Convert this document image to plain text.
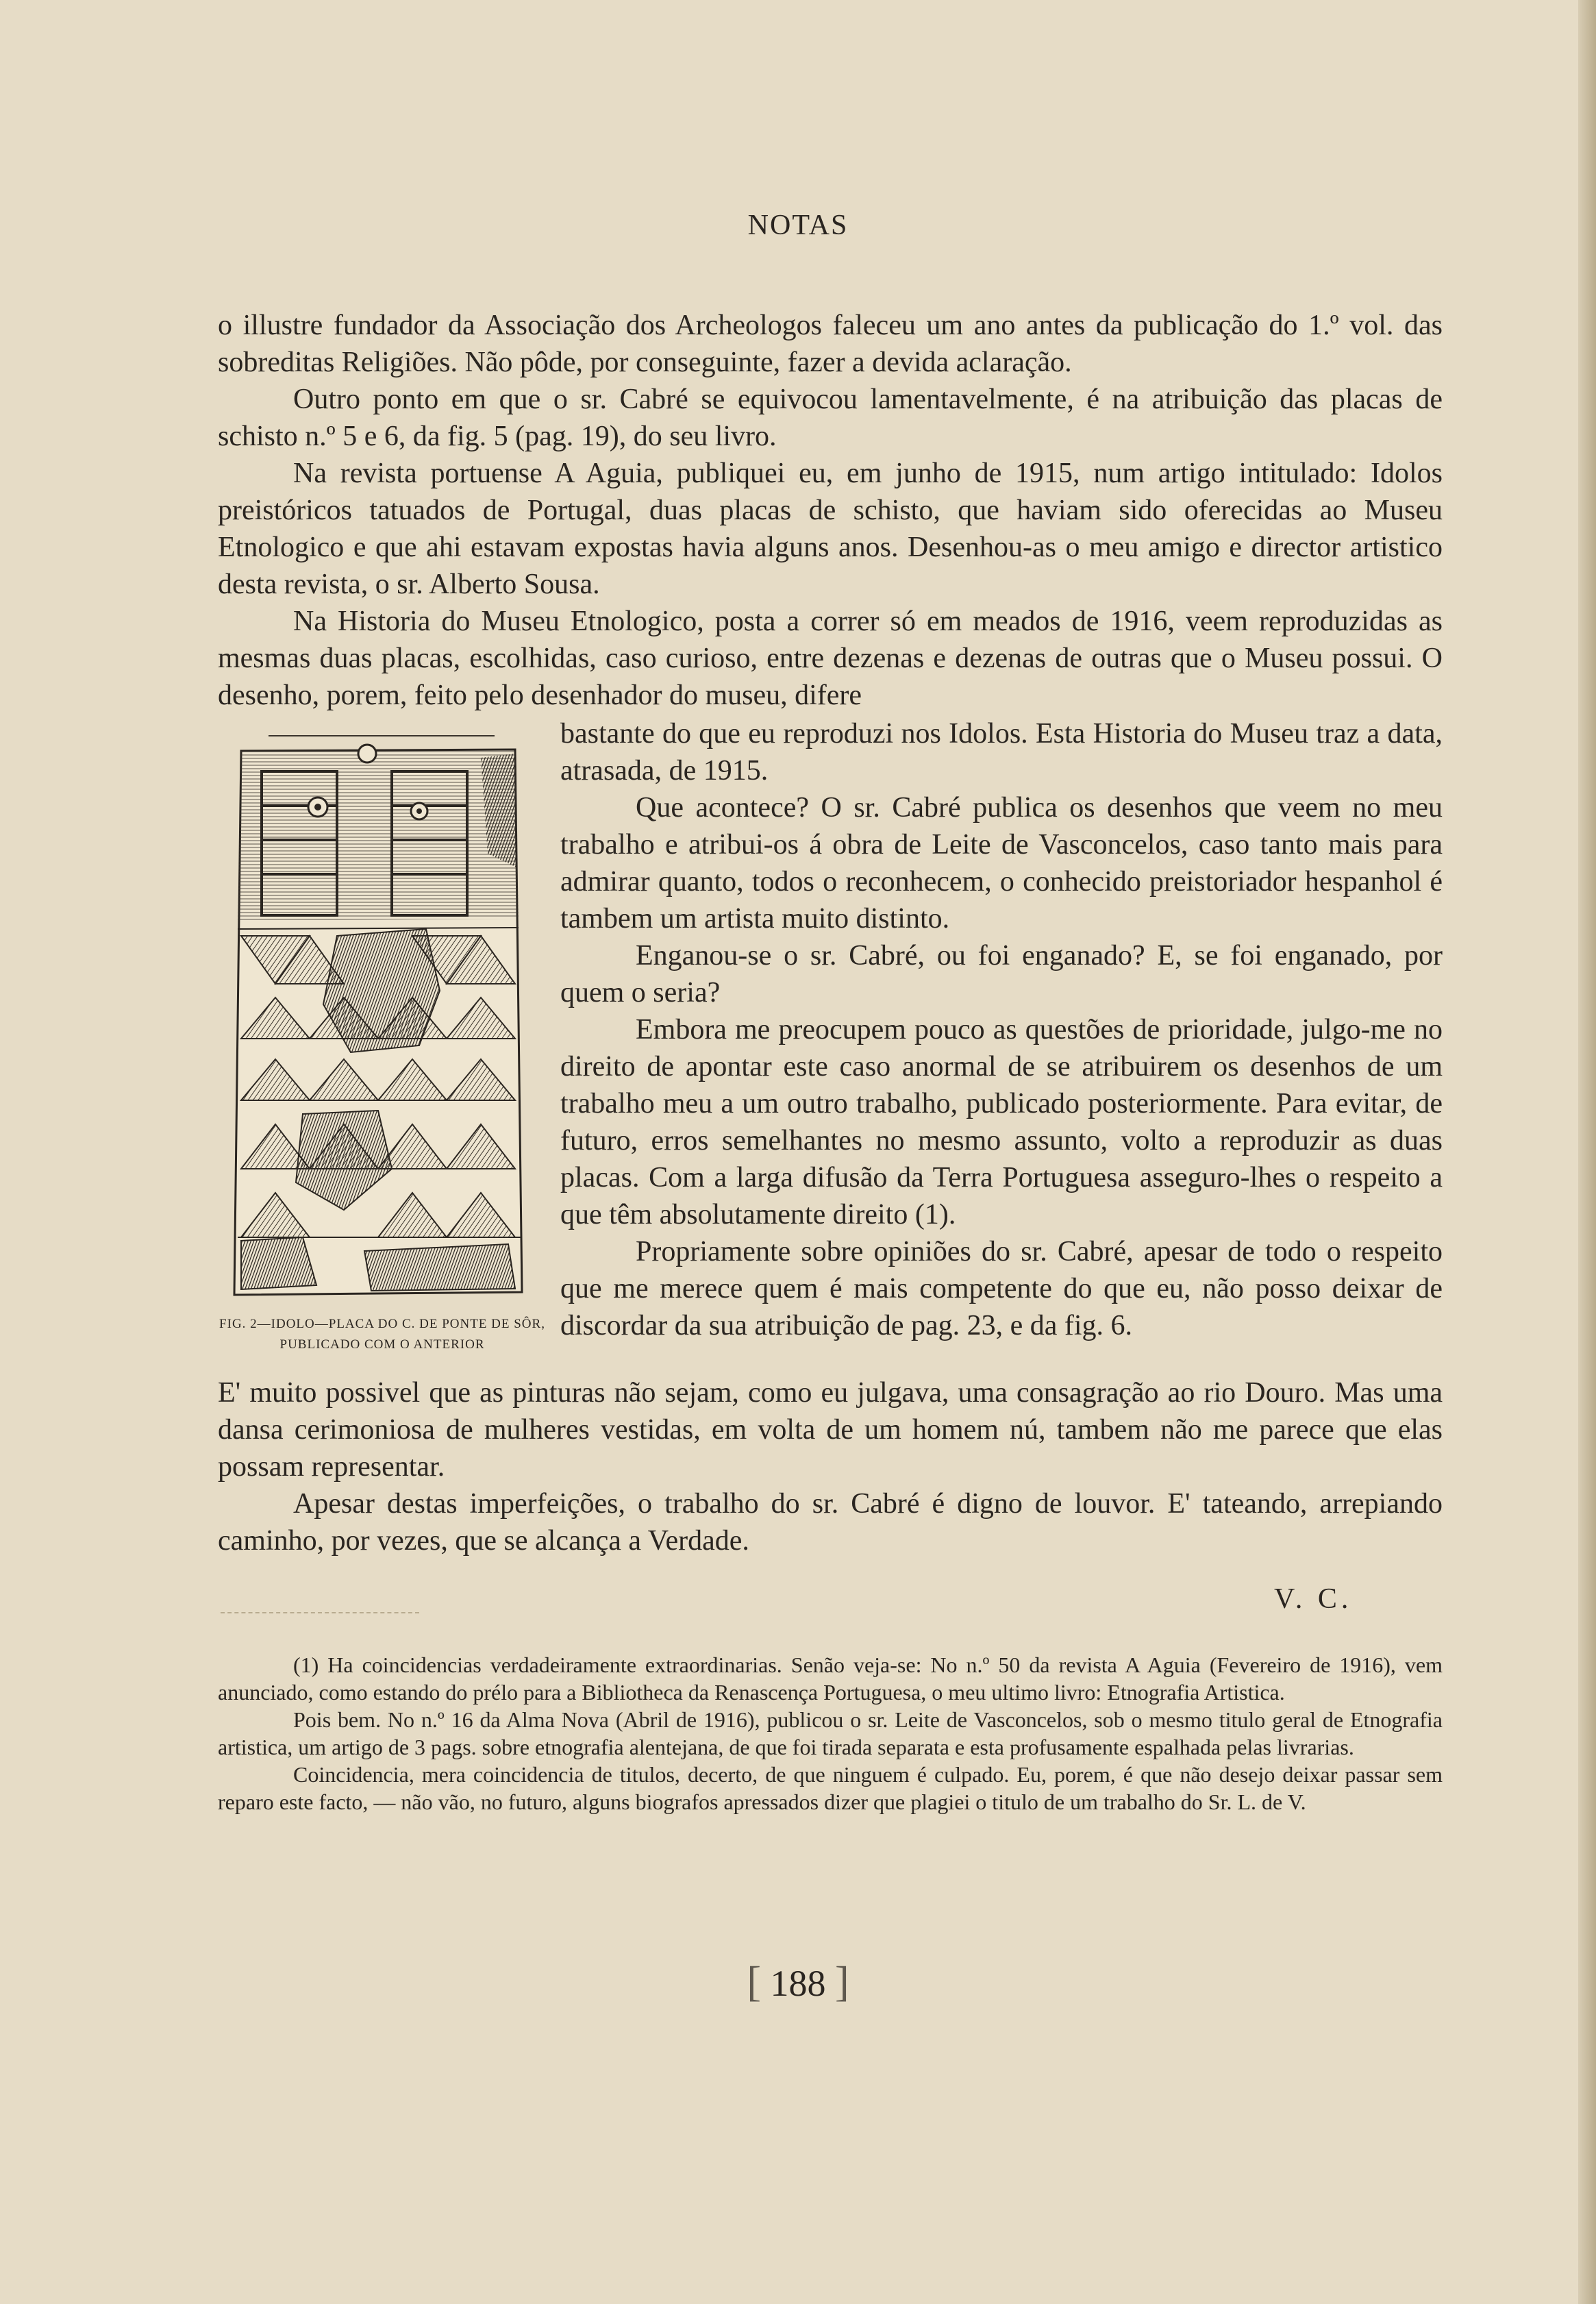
NOTAS

o illustre fundador da Associação dos Archeologos faleceu um ano antes da publicação do 1.º vol. das sobreditas Religiões. Não pôde, por conseguinte, fazer a devida aclaração.

Outro ponto em que o sr. Cabré se equivocou lamentavelmente, é na atribuição das placas de schisto n.º 5 e 6, da fig. 5 (pag. 19), do seu livro.

Na revista portuense A Aguia, publiquei eu, em junho de 1915, num artigo intitulado: Idolos preistóricos tatuados de Portugal, duas placas de schisto, que haviam sido oferecidas ao Museu Etnologico e que ahi estavam expostas havia alguns anos. Desenhou-as o meu amigo e director artistico desta revista, o sr. Alberto Sousa.

Na Historia do Museu Etnologico, posta a correr só em meados de 1916, veem reproduzidas as mesmas duas placas, escolhidas, caso curioso, entre dezenas e dezenas de outras que o Museu possui. O desenho, porem, feito pelo desenhador do museu, difere

FIG. 2—IDOLO—PLACA DO C. DE PONTE DE SÔR, PUBLICADO COM O ANTERIOR

bastante do que eu reproduzi nos Idolos. Esta Historia do Museu traz a data, atrasada, de 1915.

Que acontece? O sr. Cabré publica os desenhos que veem no meu trabalho e atribui-os á obra de Leite de Vasconcelos, caso tanto mais para admirar quanto, todos o reconhecem, o conhecido preistoriador hespanhol é tambem um artista muito distinto.

Enganou-se o sr. Cabré, ou foi enganado? E, se foi enganado, por quem o seria?

Embora me preocupem pouco as questões de prioridade, julgo-me no direito de apontar este caso anormal de se atribuirem os desenhos de um trabalho meu a um outro trabalho, publicado posteriormente. Para evitar, de futuro, erros semelhantes no mesmo assunto, volto a reproduzir as duas placas. Com a larga difusão da Terra Portuguesa asseguro-lhes o respeito a que têm absolutamente direito (1).

Propriamente sobre opiniões do sr. Cabré, apesar de todo o respeito que me merece quem é mais competente do que eu, não posso deixar de discordar da sua atribuição de pag. 23, e da fig. 6.

E' muito possivel que as pinturas não sejam, como eu julgava, uma consagração ao rio Douro. Mas uma dansa cerimoniosa de mulheres vestidas, em volta de um homem nú, tambem não me parece que elas possam representar.

Apesar destas imperfeições, o trabalho do sr. Cabré é digno de louvor. E' tateando, arrepiando caminho, por vezes, que se alcança a Verdade.

V. C.

(1) Ha coincidencias verdadeiramente extraordinarias. Senão veja-se: No n.º 50 da revista A Aguia (Fevereiro de 1916), vem anunciado, como estando do prélo para a Bibliotheca da Renascença Portuguesa, o meu ultimo livro: Etnografia Artistica.

Pois bem. No n.º 16 da Alma Nova (Abril de 1916), publicou o sr. Leite de Vasconcelos, sob o mesmo titulo geral de Etnografia artistica, um artigo de 3 pags. sobre etnografia alentejana, de que foi tirada separata e esta profusamente espalhada pelas livrarias.

Coincidencia, mera coincidencia de titulos, decerto, de que ninguem é culpado. Eu, porem, é que não desejo deixar passar sem reparo este facto, — não vão, no futuro, alguns biografos apressados dizer que plagiei o titulo de um trabalho do Sr. L. de V.

[ 188 ]
